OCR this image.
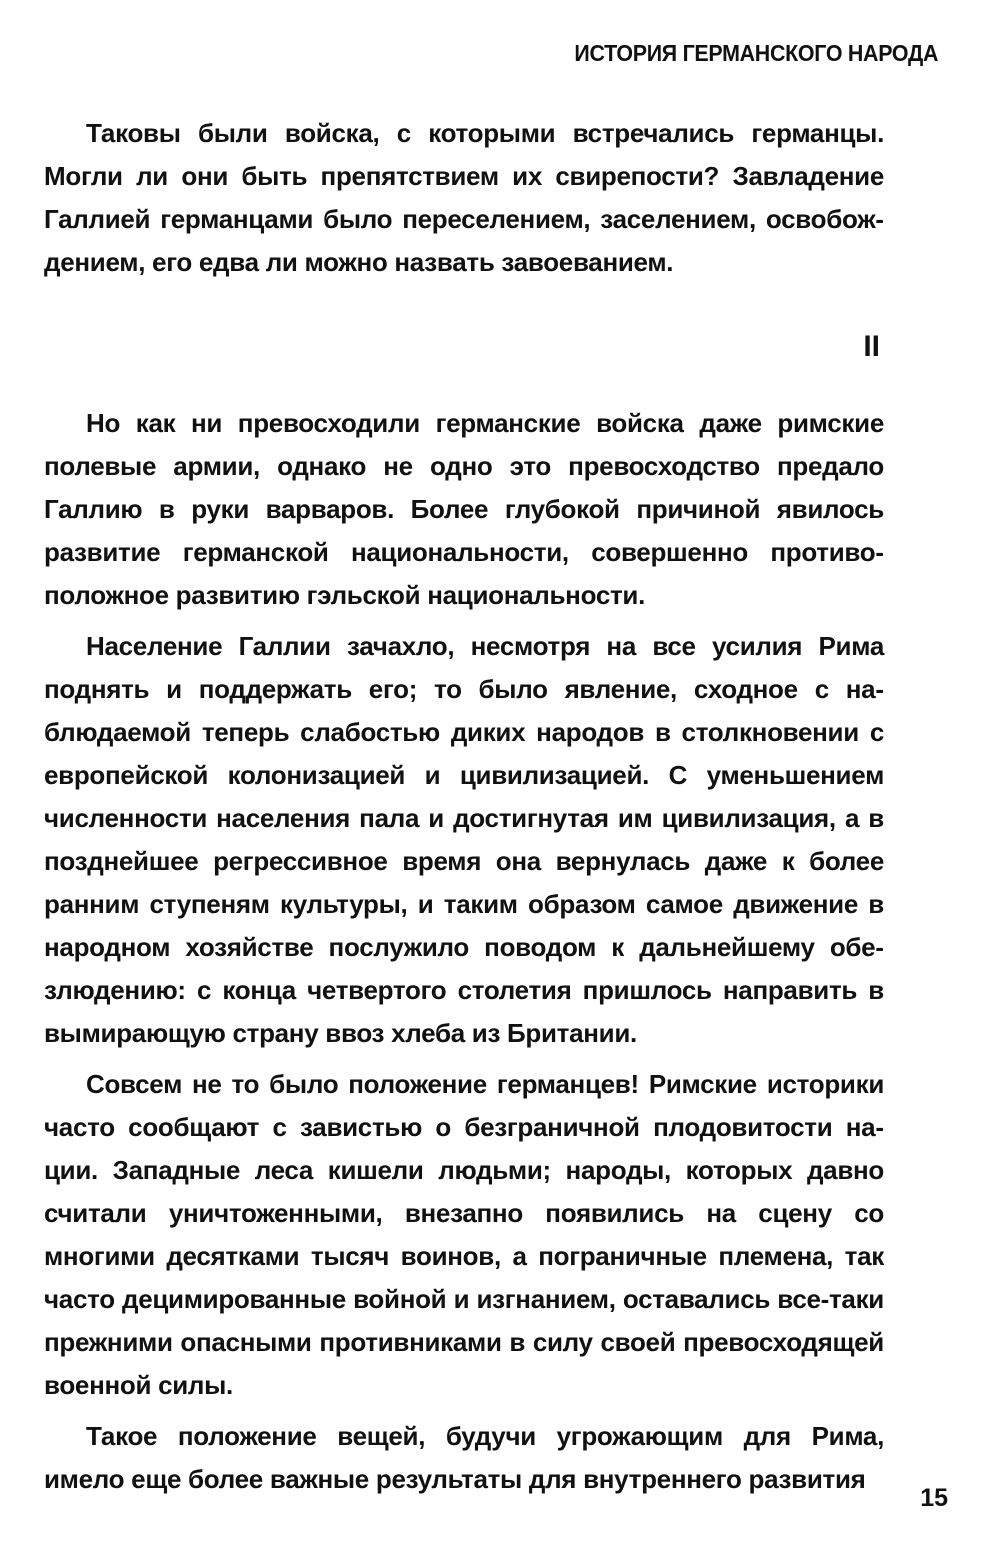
ИСТОРИЯ ГЕРМАНСКОГО НАРОДА

Таковы были войска, с которыми встречались германцы. Могли ли они быть препятствием их свирепости? Завладение Галлией германцами было переселением, заселением, освобождением, его едва ли можно назвать завоеванием.

II

Но как ни превосходили германские войска даже римские полевые армии, однако не одно это превосходство предало Галлию в руки варваров. Более глубокой причиной явилось развитие германской национальности, совершенно противоположное развитию гэльской национальности.

Население Галлии зачахло, несмотря на все усилия Рима поднять и поддержать его; то было явление, сходное с наблюдаемой теперь слабостью диких народов в столкновении с европейской колонизацией и цивилизацией. С уменьшением численности населения пала и достигнутая им цивилизация, а в позднейшее регрессивное время она вернулась даже к более ранним ступеням культуры, и таким образом самое движение в народном хозяйстве послужило поводом к дальнейшему обезлюдению: с конца четвертого столетия пришлось направить в вымирающую страну ввоз хлеба из Британии.

Совсем не то было положение германцев! Римские историки часто сообщают с завистью о безграничной плодовитости нации. Западные леса кишели людьми; народы, которых давно считали уничтоженными, внезапно появились на сцену со многими десятками тысяч воинов, а пограничные племена, так часто децимированные войной и изгнанием, оставались все-таки прежними опасными противниками в силу своей превосходящей военной силы.

Такое положение вещей, будучи угрожающим для Рима, имело еще более важные результаты для внутреннего развития

15
